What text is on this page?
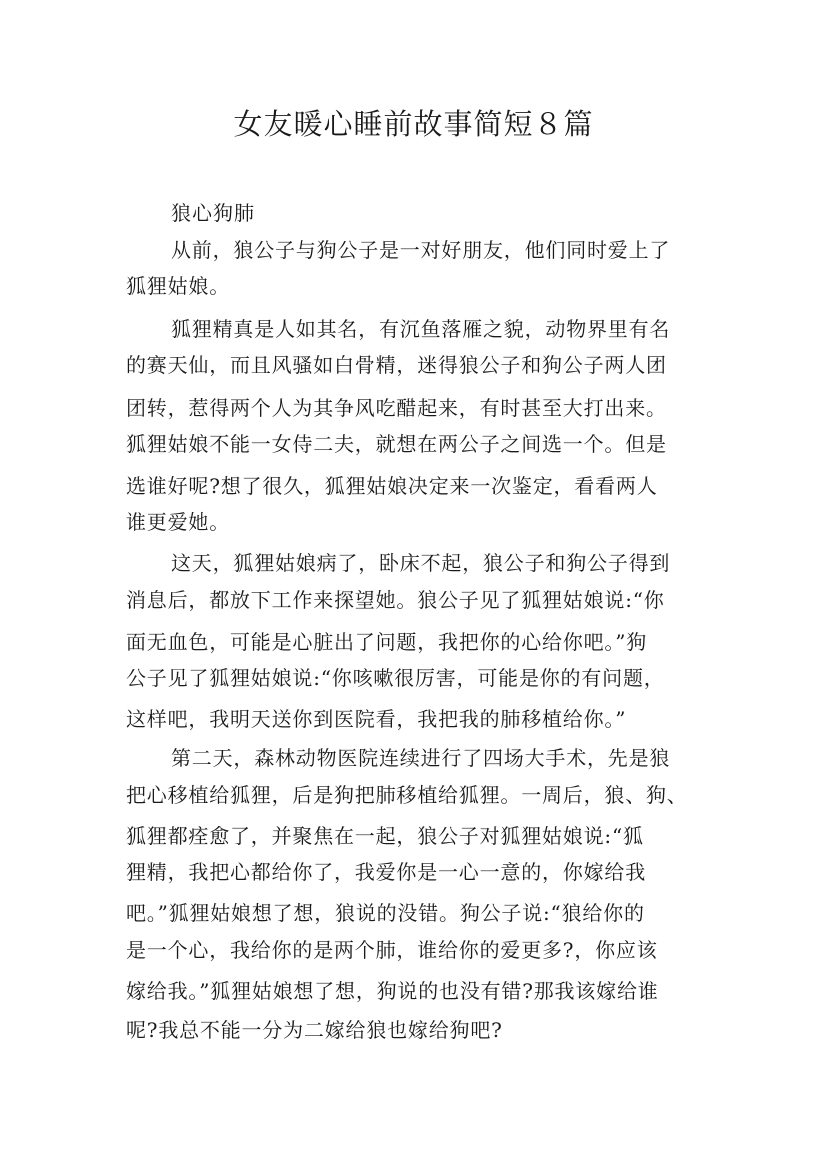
女友暖心睡前故事简短８篇
狼心狗肺
从前，狼公子与狗公子是一对好朋友，他们同时爱上了
狐狸姑娘。
狐狸精真是人如其名，有沉鱼落雁之貌，动物界里有名
的赛天仙，而且风骚如白骨精，迷得狼公子和狗公子两人团
团转，惹得两个人为其争风吃醋起来，有时甚至大打出来。
狐狸姑娘不能一女侍二夫，就想在两公子之间选一个。但是
选谁好呢?想了很久，狐狸姑娘决定来一次鉴定，看看两人
谁更爱她。
这天，狐狸姑娘病了，卧床不起，狼公子和狗公子得到
消息后，都放下工作来探望她。狼公子见了狐狸姑娘说:“你
面无血色，可能是心脏出了问题，我把你的心给你吧。”狗
公子见了狐狸姑娘说:“你咳嗽很厉害，可能是你的有问题，
这样吧，我明天送你到医院看，我把我的肺移植给你。”
第二天，森林动物医院连续进行了四场大手术，先是狼
把心移植给狐狸，后是狗把肺移植给狐狸。一周后，狼、狗、
狐狸都痊愈了，并聚焦在一起，狼公子对狐狸姑娘说:“狐
狸精，我把心都给你了，我爱你是一心一意的，你嫁给我
吧。”狐狸姑娘想了想，狼说的没错。狗公子说:“狼给你的
是一个心，我给你的是两个肺，谁给你的爱更多?，你应该
嫁给我。”狐狸姑娘想了想，狗说的也没有错?那我该嫁给谁
呢?我总不能一分为二嫁给狼也嫁给狗吧?
